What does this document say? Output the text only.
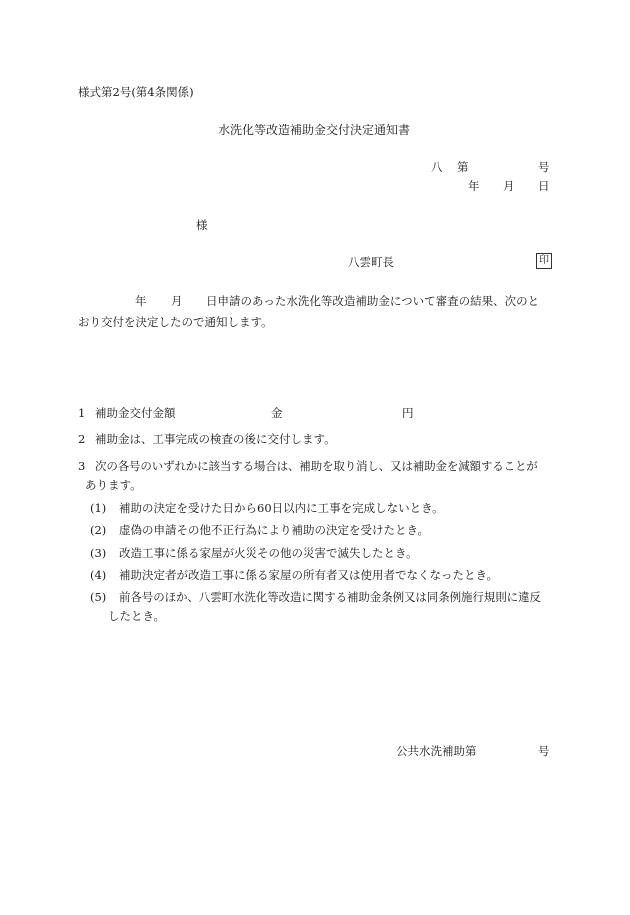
様式第2号(第4条関係)
水洗化等改造補助金交付決定通知書
八 第	号
年 月 日
様
八雲町長	印
年 月 日申請のあった水洗化等改造補助金について審査の結果、次のと
おり交付を決定したので通知します。
1 補助金交付金額	金	円
2 補助金は、工事完成の検査の後に交付します。
3 次の各号のいずれかに該当する場合は、補助を取り消し、又は補助金を減額することが
あります。
(1) 補助の決定を受けた日から60日以内に工事を完成しないとき。
(2) 虚偽の申請その他不正行為により補助の決定を受けたとき。
(3) 改造工事に係る家屋が火災その他の災害で滅失したとき。
(4) 補助決定者が改造工事に係る家屋の所有者又は使用者でなくなったとき。
(5) 前各号のほか、八雲町水洗化等改造に関する補助金条例又は同条例施行規則に違反
したとき。
公共水洗補助第	号
